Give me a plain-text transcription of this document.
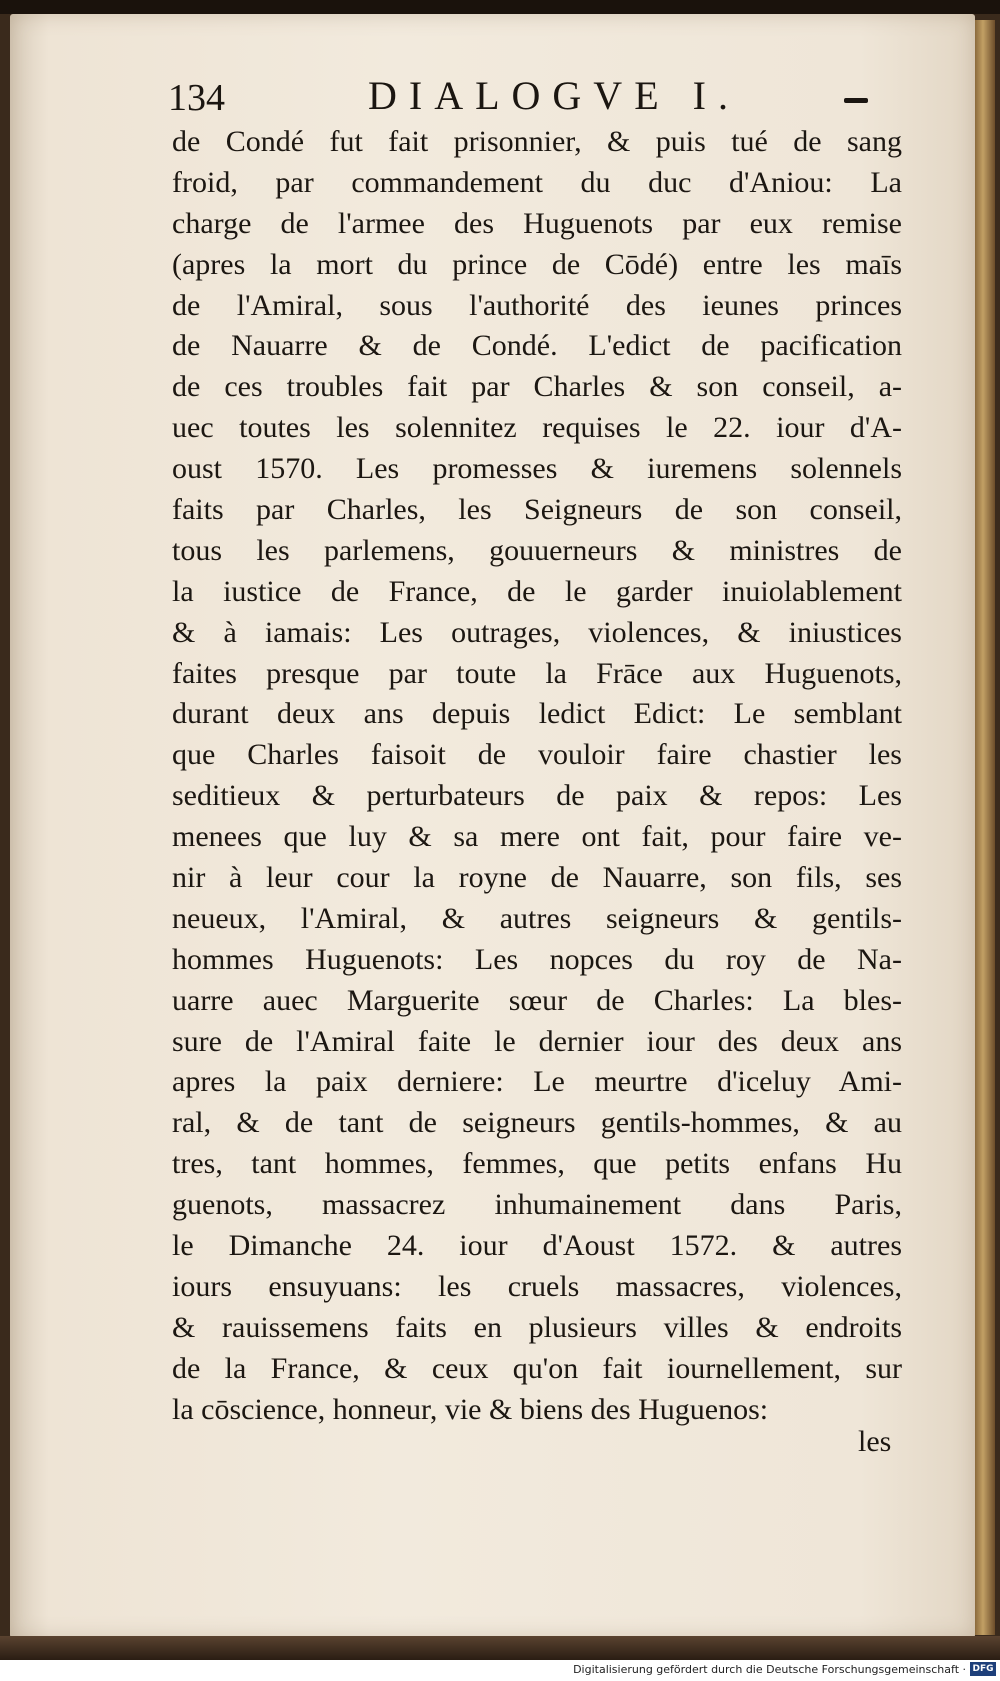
134	DIALOGVE I.
de Condé fut fait prisonnier, & puis tué de sang
froid, par commandement du duc d'Aniou: La
charge de l'armee des Huguenots par eux remise
(apres la mort du prince de Cōdé) entre les maīs
de l'Amiral, sous l'authorité des ieunes princes
de Nauarre & de Condé. L'edict de pacification
de ces troubles fait par Charles & son conseil, a-
uec toutes les solennitez requises le 22. iour d'A-
oust 1570. Les promesses & iuremens solennels
faits par Charles, les Seigneurs de son conseil,
tous les parlemens, gouuerneurs & ministres de
la iustice de France, de le garder inuiolablement
& à iamais: Les outrages, violences, & iniustices
faites presque par toute la Frāce aux Huguenots,
durant deux ans depuis ledict Edict: Le semblant
que Charles faisoit de vouloir faire chastier les
seditieux & perturbateurs de paix & repos: Les
menees que luy & sa mere ont fait, pour faire ve-
nir à leur cour la royne de Nauarre, son fils, ses
neueux, l'Amiral, & autres seigneurs & gentils-
hommes Huguenots: Les nopces du roy de Na-
uarre auec Marguerite sœur de Charles: La bles-
sure de l'Amiral faite le dernier iour des deux ans
apres la paix derniere: Le meurtre d'iceluy Ami-
ral, & de tant de seigneurs gentils-hommes, & au
tres, tant hommes, femmes, que petits enfans Hu
guenots, massacrez inhumainement dans Paris,
le Dimanche 24. iour d'Aoust 1572. & autres
iours ensuyuans: les cruels massacres, violences,
& rauissemens faits en plusieurs villes & endroits
de la France, & ceux qu'on fait iournellement, sur
la cōscience, honneur, vie & biens des Huguenos:
les
Digitalisierung gefördert durch die Deutsche Forschungsgemeinschaft · DFG
